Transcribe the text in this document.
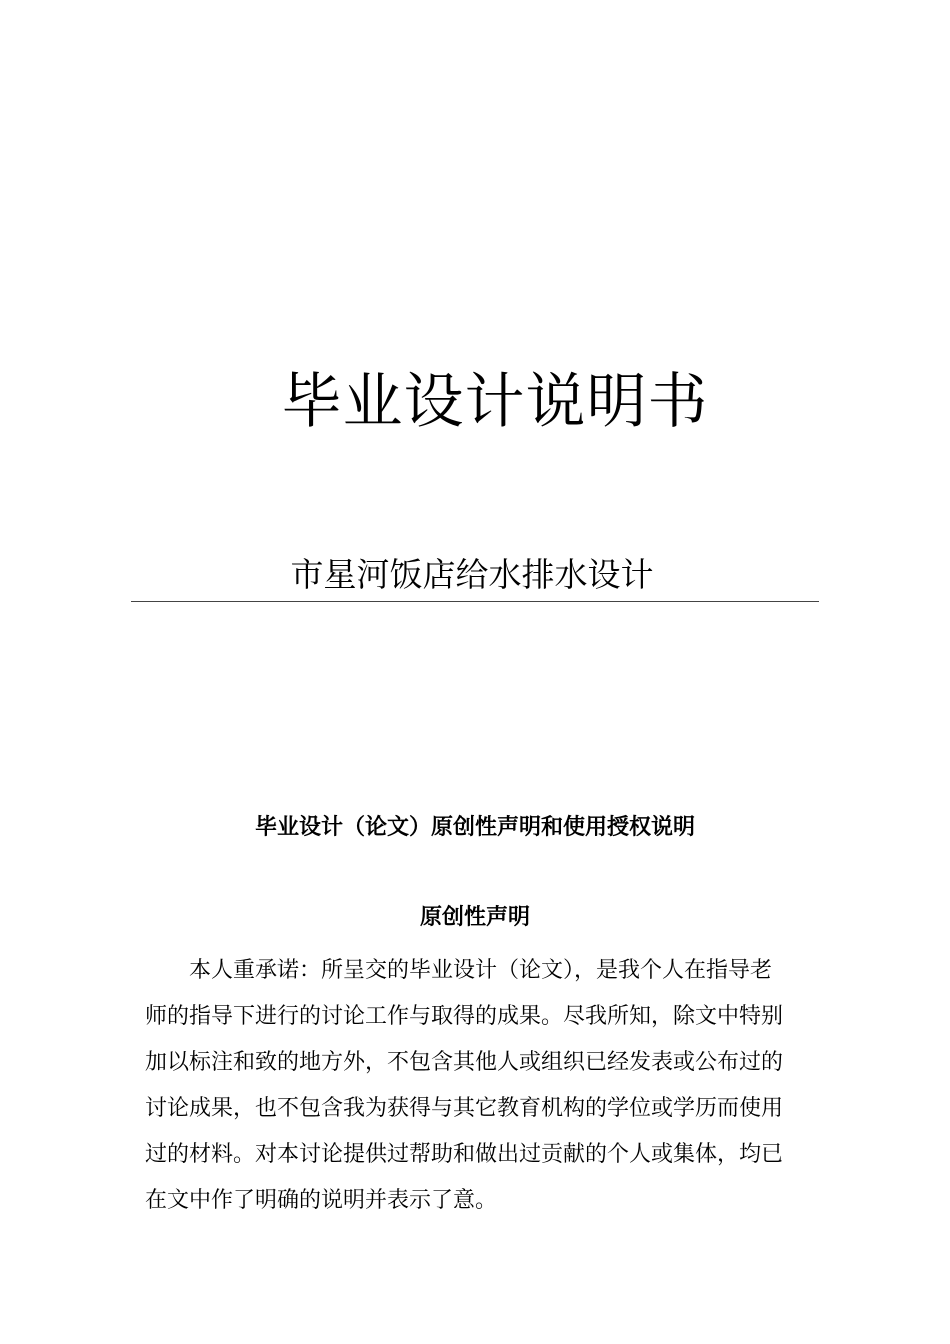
毕业设计说明书
市星河饭店给水排水设计
毕业设计（论文）原创性声明和使用授权说明
原创性声明
本人重承诺：所呈交的毕业设计（论文），是我个人在指导老
师的指导下进行的讨论工作与取得的成果。尽我所知，除文中特别
加以标注和致的地方外，不包含其他人或组织已经发表或公布过的
讨论成果，也不包含我为获得与其它教育机构的学位或学历而使用
过的材料。对本讨论提供过帮助和做出过贡献的个人或集体，均已
在文中作了明确的说明并表示了意。
